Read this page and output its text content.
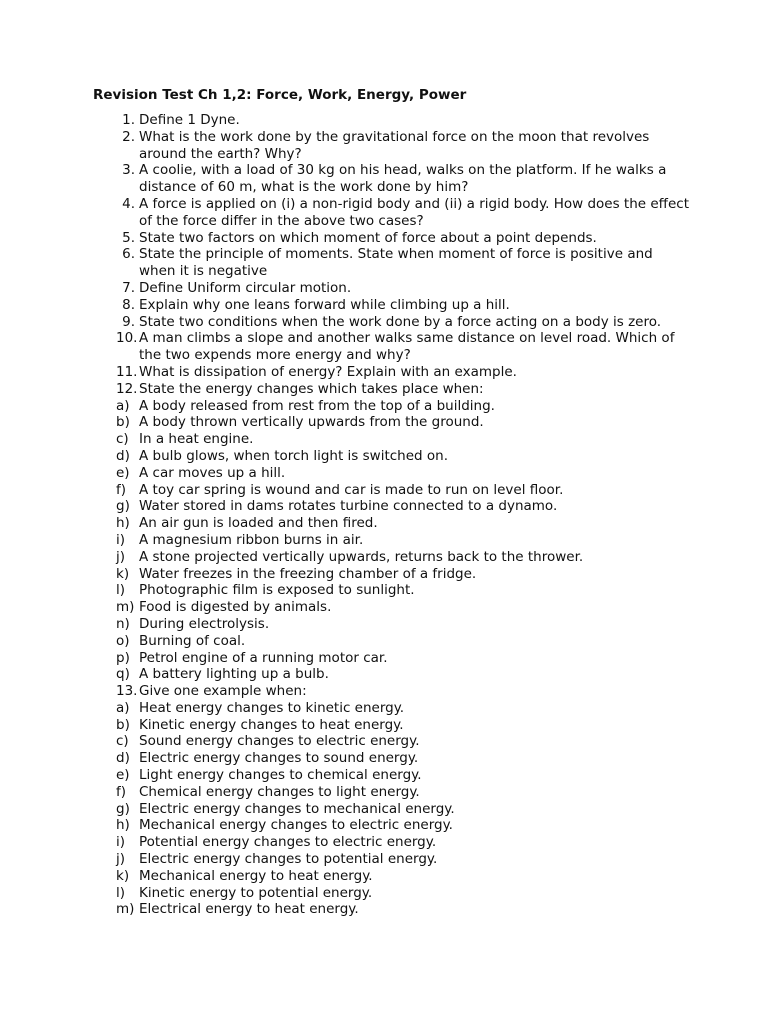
Revision Test Ch 1,2: Force, Work, Energy, Power
1. Define 1 Dyne.
2. What is the work done by the gravitational force on the moon that revolves around the earth? Why?
3. A coolie, with a load of 30 kg on his head, walks on the platform. If he walks a distance of 60 m, what is the work done by him?
4. A force is applied on (i) a non-rigid body and (ii) a rigid body. How does the effect of the force differ in the above two cases?
5. State two factors on which moment of force about a point depends.
6. State the principle of moments. State when moment of force is positive and when it is negative
7. Define Uniform circular motion.
8. Explain why one leans forward while climbing up a hill.
9. State two conditions when the work done by a force acting on a body is zero.
10. A man climbs a slope and another walks same distance on level road. Which of the two expends more energy and why?
11. What is dissipation of energy? Explain with an example.
12. State the energy changes which takes place when:
a) A body released from rest from the top of a building.
b) A body thrown vertically upwards from the ground.
c) In a heat engine.
d) A bulb glows, when torch light is switched on.
e) A car moves up a hill.
f) A toy car spring is wound and car is made to run on level floor.
g) Water stored in dams rotates turbine connected to a dynamo.
h) An air gun is loaded and then fired.
i) A magnesium ribbon burns in air.
j) A stone projected vertically upwards, returns back to the thrower.
k) Water freezes in the freezing chamber of a fridge.
l) Photographic film is exposed to sunlight.
m) Food is digested by animals.
n) During electrolysis.
o) Burning of coal.
p) Petrol engine of a running motor car.
q) A battery lighting up a bulb.
13. Give one example when:
a) Heat energy changes to kinetic energy.
b) Kinetic energy changes to heat energy.
c) Sound energy changes to electric energy.
d) Electric energy changes to sound energy.
e) Light energy changes to chemical energy.
f) Chemical energy changes to light energy.
g) Electric energy changes to mechanical energy.
h) Mechanical energy changes to electric energy.
i) Potential energy changes to electric energy.
j) Electric energy changes to potential energy.
k) Mechanical energy to heat energy.
l) Kinetic energy to potential energy.
m) Electrical energy to heat energy.
